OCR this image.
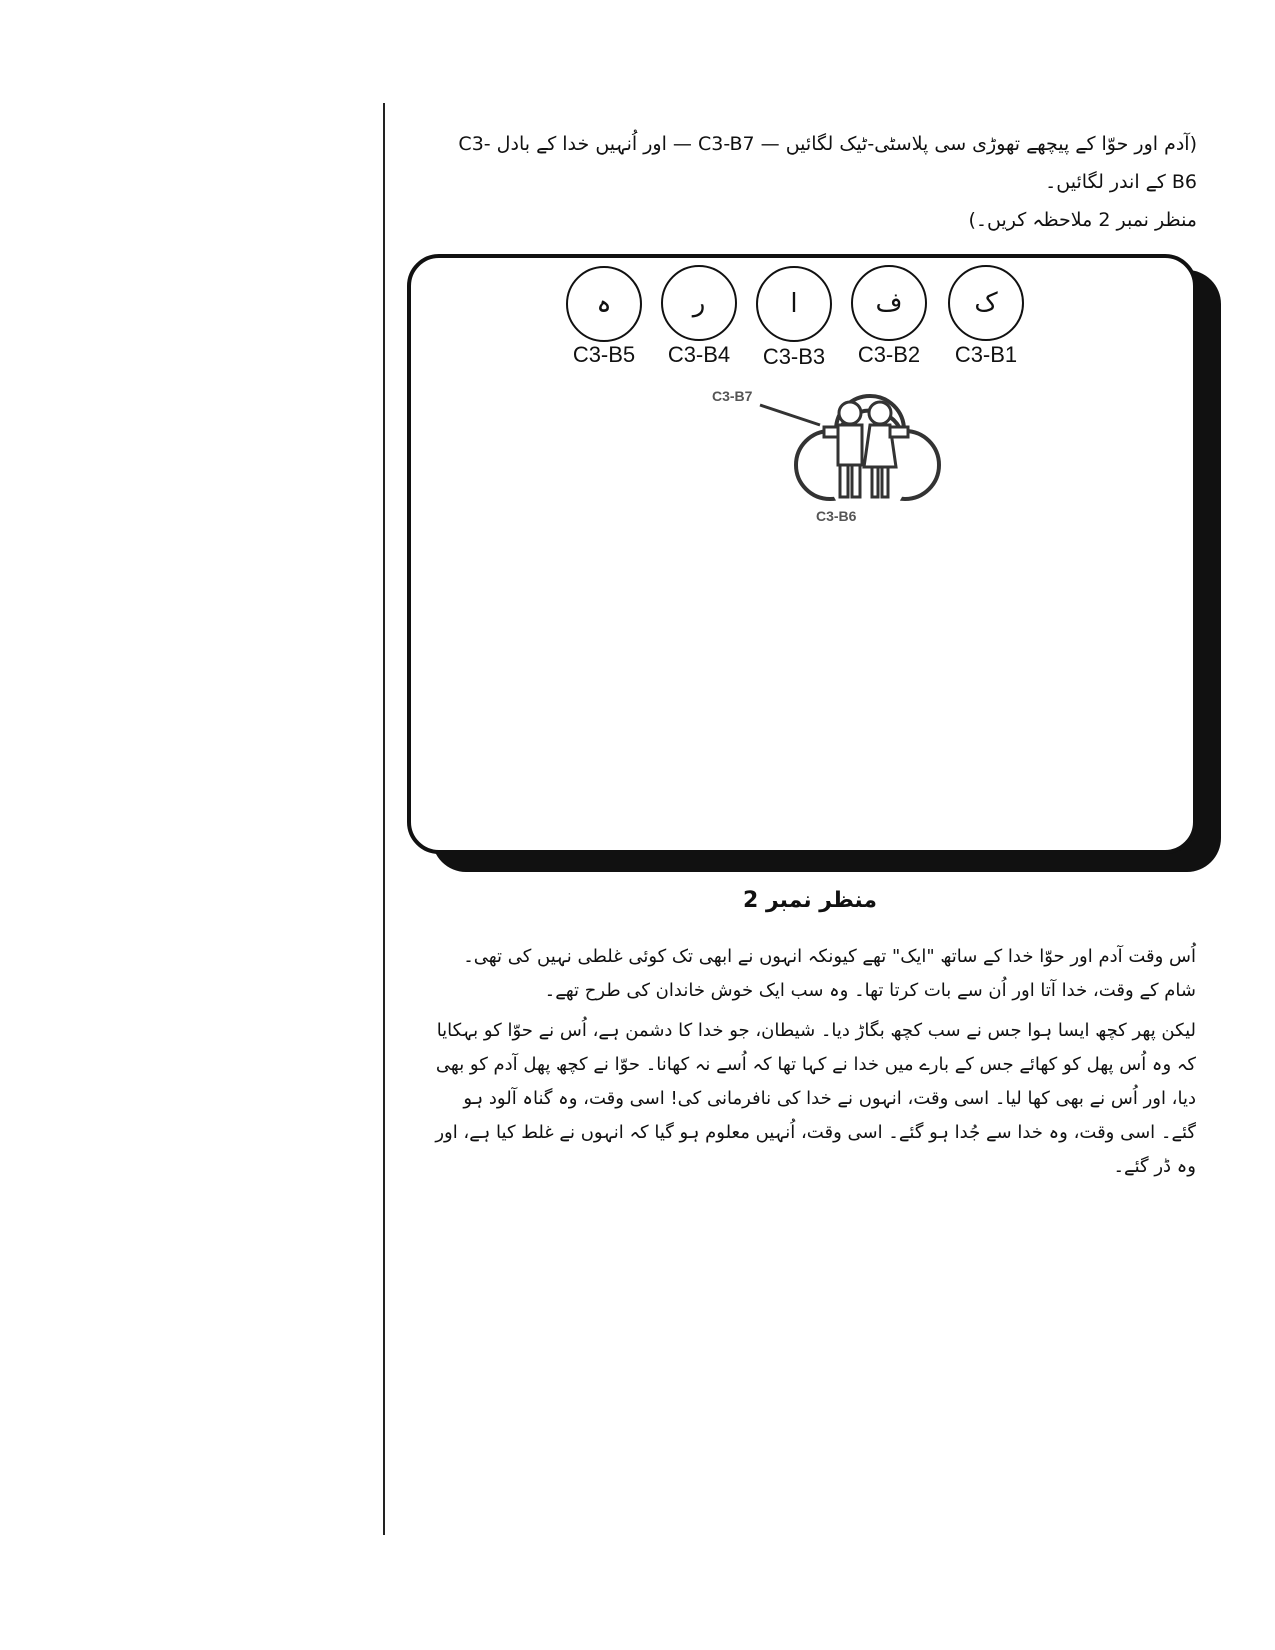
(آدم اور حوّا کے پیچھے تھوڑی سی پلاسٹی-ٹیک لگائیں — C3-B7 — اور اُنہیں خدا کے بادل C3-B6 کے اندر لگائیں۔

منظر نمبر 2 ملاحظہ کریں۔)

ک
C3-B1
ف
C3-B2
ا
C3-B3
ر
C3-B4
ہ
C3-B5
C3-B7
C3-B6
منظر نمبر 2

اُس وقت آدم اور حوّا خدا کے ساتھ "ایک" تھے کیونکہ انہوں نے ابھی تک کوئی غلطی نہیں کی تھی۔ شام کے وقت، خدا آتا اور اُن سے بات کرتا تھا۔ وہ سب ایک خوش خاندان کی طرح تھے۔

لیکن پھر کچھ ایسا ہوا جس نے سب کچھ بگاڑ دیا۔ شیطان، جو خدا کا دشمن ہے، اُس نے حوّا کو بہکایا کہ وہ اُس پھل کو کھائے جس کے بارے میں خدا نے کہا تھا کہ اُسے نہ کھانا۔ حوّا نے کچھ پھل آدم کو بھی دیا، اور اُس نے بھی کھا لیا۔ اسی وقت، انہوں نے خدا کی نافرمانی کی! اسی وقت، وہ گناہ آلود ہو گئے۔ اسی وقت، وہ خدا سے جُدا ہو گئے۔ اسی وقت، اُنہیں معلوم ہو گیا کہ انہوں نے غلط کیا ہے، اور وہ ڈر گئے۔
